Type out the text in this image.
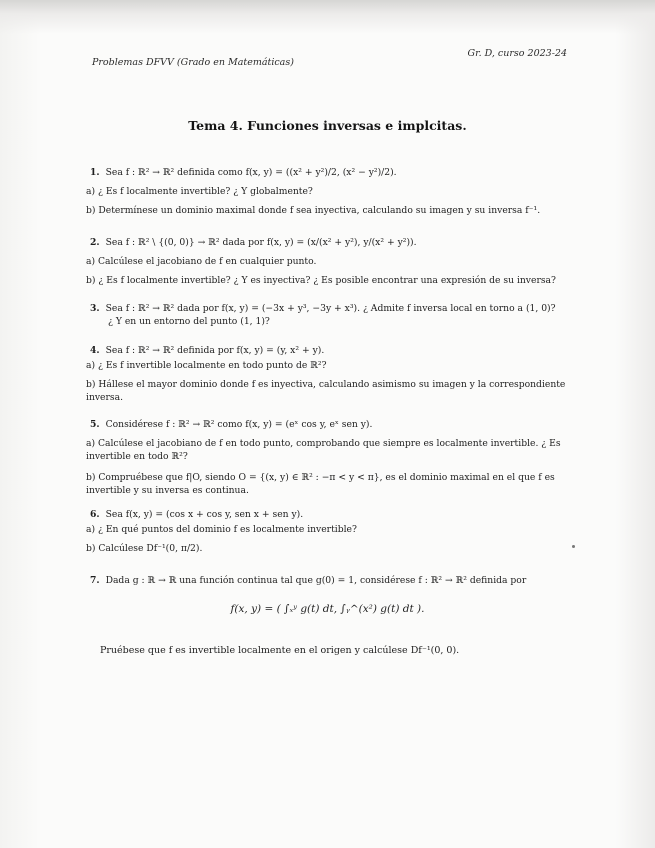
Problemas DFVV (Grado en Matemáticas)
Gr. D, curso 2023-24
Tema 4. Funciones inversas e implcitas.
1. Sea f : ℝ² → ℝ² definida como f(x, y) = ((x² + y²)/2, (x² − y²)/2).
a) ¿ Es f localmente invertible? ¿ Y globalmente?
b) Determínese un dominio maximal donde f sea inyectiva, calculando su imagen y su inversa f⁻¹.
2. Sea f : ℝ² \ {(0, 0)} → ℝ² dada por f(x, y) = (x/(x² + y²), y/(x² + y²)).
a) Calcúlese el jacobiano de f en cualquier punto.
b) ¿ Es f localmente invertible? ¿ Y es inyectiva? ¿ Es posible encontrar una expresión de su inversa?
3. Sea f : ℝ² → ℝ² dada por f(x, y) = (−3x + y³, −3y + x³). ¿ Admite f inversa local en torno a (1, 0)?
¿ Y en un entorno del punto (1, 1)?
4. Sea f : ℝ² → ℝ² definida por f(x, y) = (y, x² + y).
a) ¿ Es f invertible localmente en todo punto de ℝ²?
b) Hállese el mayor dominio donde f es inyectiva, calculando asimismo su imagen y la correspondiente inversa.
5. Considérese f : ℝ² → ℝ² como f(x, y) = (eˣ cos y, eˣ sen y).
a) Calcúlese el jacobiano de f en todo punto, comprobando que siempre es localmente invertible. ¿ Es invertible en todo ℝ²?
b) Compruébese que f|O, siendo O = {(x, y) ∈ ℝ² : −π < y < π}, es el dominio maximal en el que f es invertible y su inversa es continua.
6. Sea f(x, y) = (cos x + cos y, sen x + sen y).
a) ¿ En qué puntos del dominio f es localmente invertible?
b) Calcúlese Df⁻¹(0, π/2).
7. Dada g : ℝ → ℝ una función continua tal que g(0) = 1, considérese f : ℝ² → ℝ² definida por
f(x, y) = ( ∫ₓʸ g(t) dt, ∫ᵧ^(x²) g(t) dt ).
Pruébese que f es invertible localmente en el origen y calcúlese Df⁻¹(0, 0).
